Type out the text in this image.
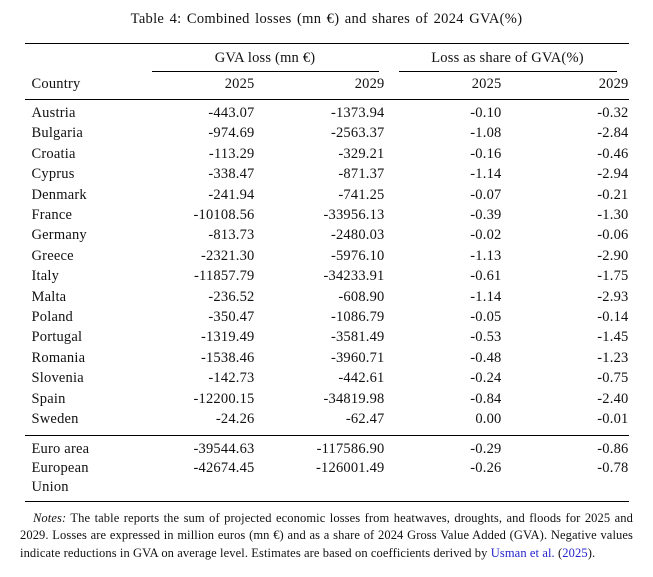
Table 4: Combined losses (mn €) and shares of 2024 GVA(%)

	GVA loss (mn €)		Loss as share of GVA(%)	

Country	2025	2029	2025	2029
Austria	-443.07	-1373.94	-0.10	-0.32
Bulgaria	-974.69	-2563.37	-1.08	-2.84
Croatia	-113.29	-329.21	-0.16	-0.46
Cyprus	-338.47	-871.37	-1.14	-2.94
Denmark	-241.94	-741.25	-0.07	-0.21
France	-10108.56	-33956.13	-0.39	-1.30
Germany	-813.73	-2480.03	-0.02	-0.06
Greece	-2321.30	-5976.10	-1.13	-2.90
Italy	-11857.79	-34233.91	-0.61	-1.75
Malta	-236.52	-608.90	-1.14	-2.93
Poland	-350.47	-1086.79	-0.05	-0.14
Portugal	-1319.49	-3581.49	-0.53	-1.45
Romania	-1538.46	-3960.71	-0.48	-1.23
Slovenia	-142.73	-442.61	-0.24	-0.75
Spain	-12200.15	-34819.98	-0.84	-2.40
Sweden	-24.26	-62.47	0.00	-0.01
Euro area	-39544.63	-117586.90	-0.29	-0.86
European Union	-42674.45	-126001.49	-0.26	-0.78
Notes: The table reports the sum of projected economic losses from heatwaves, droughts, and floods for 2025 and 2029. Losses are expressed in million euros (mn €) and as a share of 2024 Gross Value Added (GVA). Negative values indicate reductions in GVA on average level. Estimates are based on coefficients derived by Usman et al. (2025).
